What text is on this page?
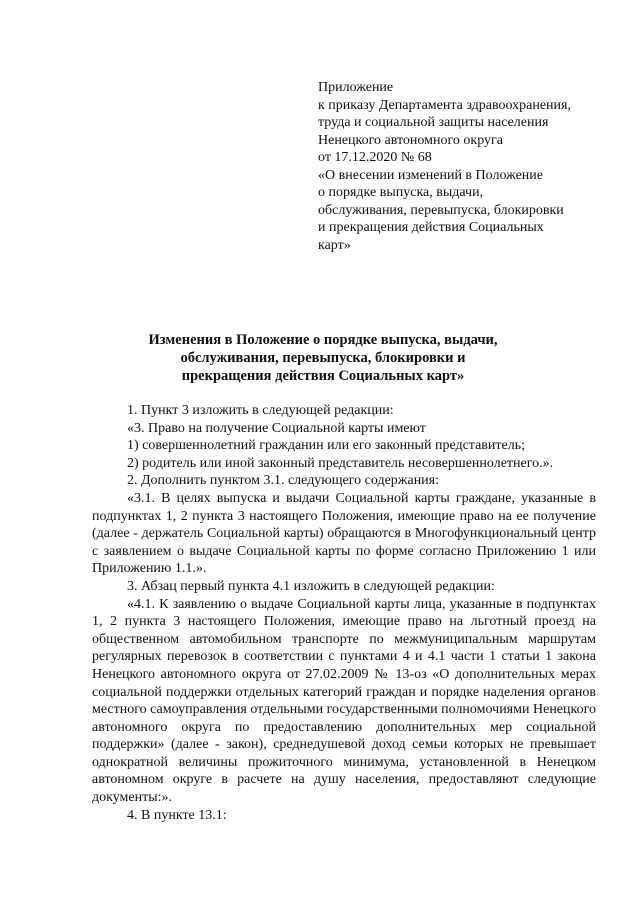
Приложение
к приказу Департамента здравоохранения,
труда и социальной защиты населения
Ненецкого автономного округа
от 17.12.2020 № 68
«О внесении изменений в Положение
о порядке выпуска, выдачи,
обслуживания, перевыпуска, блокировки
и прекращения действия Социальных
карт»
Изменения в Положение о порядке выпуска, выдачи,
обслуживания, перевыпуска, блокировки и
прекращения действия Социальных карт»

1. Пункт 3 изложить в следующей редакции:

«3. Право на получение Социальной карты имеют

1) совершеннолетний гражданин или его законный представитель;

2) родитель или иной законный представитель несовершеннолетнего.».

2. Дополнить пунктом 3.1. следующего содержания:

«3.1. В целях выпуска и выдачи Социальной карты граждане, указанные в подпунктах 1, 2 пункта 3 настоящего Положения, имеющие право на ее получение (далее - держатель Социальной карты) обращаются в Многофункциональный центр с заявлением о выдаче Социальной карты по форме согласно Приложению 1 или Приложению 1.1.».

3. Абзац первый пункта 4.1 изложить в следующей редакции:

«4.1. К заявлению о выдаче Социальной карты лица, указанные в подпунктах 1, 2 пункта 3 настоящего Положения, имеющие право на льготный проезд на общественном автомобильном транспорте по межмуниципальным маршрутам регулярных перевозок в соответствии с пунктами 4 и 4.1 части 1 статьи 1 закона Ненецкого автономного округа от 27.02.2009 № 13-оз «О дополнительных мерах социальной поддержки отдельных категорий граждан и порядке наделения органов местного самоуправления отдельными государственными полномочиями Ненецкого автономного округа по предоставлению дополнительных мер социальной поддержки» (далее - закон), среднедушевой доход семьи которых не превышает однократной величины прожиточного минимума, установленной в Ненецком автономном округе в расчете на душу населения, предоставляют следующие документы:».

4. В пункте 13.1:
